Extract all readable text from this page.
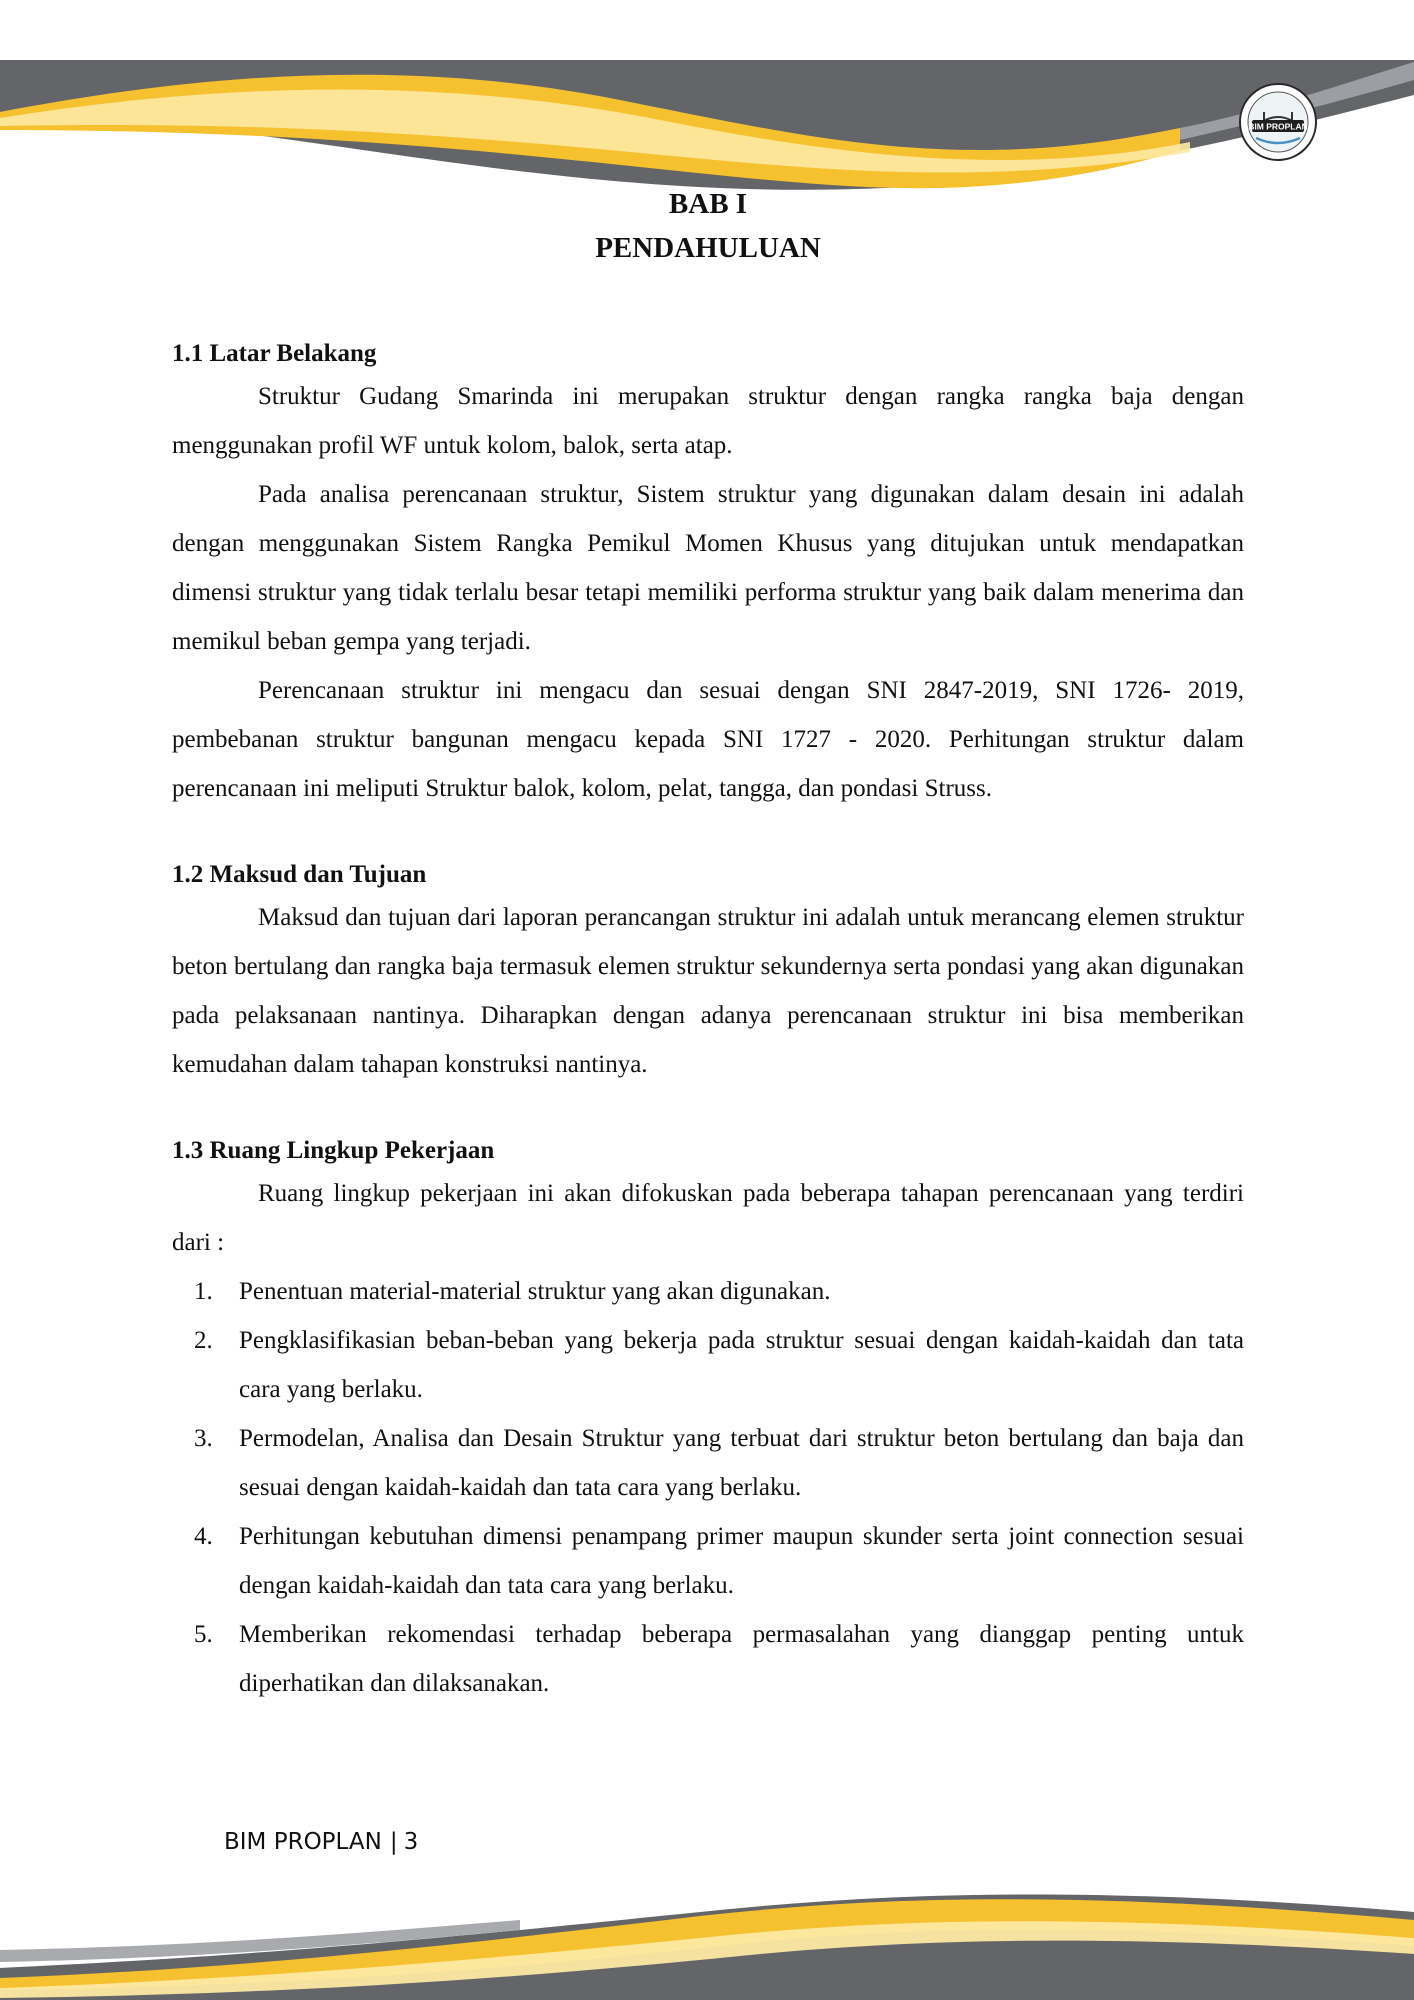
BIM PROPLAN
BAB I
PENDAHULUAN
1.1 Latar Belakang

Struktur Gudang Smarinda ini merupakan struktur dengan rangka rangka baja dengan menggunakan profil WF untuk kolom, balok, serta atap.

Pada analisa perencanaan struktur, Sistem struktur yang digunakan dalam desain ini adalah dengan menggunakan Sistem Rangka Pemikul Momen Khusus yang ditujukan untuk mendapatkan dimensi struktur yang tidak terlalu besar tetapi memiliki performa struktur yang baik dalam menerima dan memikul beban gempa yang terjadi.

Perencanaan struktur ini mengacu dan sesuai dengan SNI 2847-2019, SNI 1726- 2019, pembebanan struktur bangunan mengacu kepada SNI 1727 - 2020. Perhitungan struktur dalam perencanaan ini meliputi Struktur balok, kolom, pelat, tangga, dan pondasi Struss.

1.2 Maksud dan Tujuan

Maksud dan tujuan dari laporan perancangan struktur ini adalah untuk merancang elemen struktur beton bertulang dan rangka baja termasuk elemen struktur sekundernya serta pondasi yang akan digunakan pada pelaksanaan nantinya. Diharapkan dengan adanya perencanaan struktur ini bisa memberikan kemudahan dalam tahapan konstruksi nantinya.

1.3 Ruang Lingkup Pekerjaan

Ruang lingkup pekerjaan ini akan difokuskan pada beberapa tahapan perencanaan yang terdiri dari :

1. Penentuan material-material struktur yang akan digunakan.
2. Pengklasifikasian beban-beban yang bekerja pada struktur sesuai dengan kaidah-kaidah dan tata cara yang berlaku.
3. Permodelan, Analisa dan Desain Struktur yang terbuat dari struktur beton bertulang dan baja dan sesuai dengan kaidah-kaidah dan tata cara yang berlaku.
4. Perhitungan kebutuhan dimensi penampang primer maupun skunder serta joint connection sesuai dengan kaidah-kaidah dan tata cara yang berlaku.
5. Memberikan rekomendasi terhadap beberapa permasalahan yang dianggap penting untuk diperhatikan dan dilaksanakan.
BIM PROPLAN | 3
